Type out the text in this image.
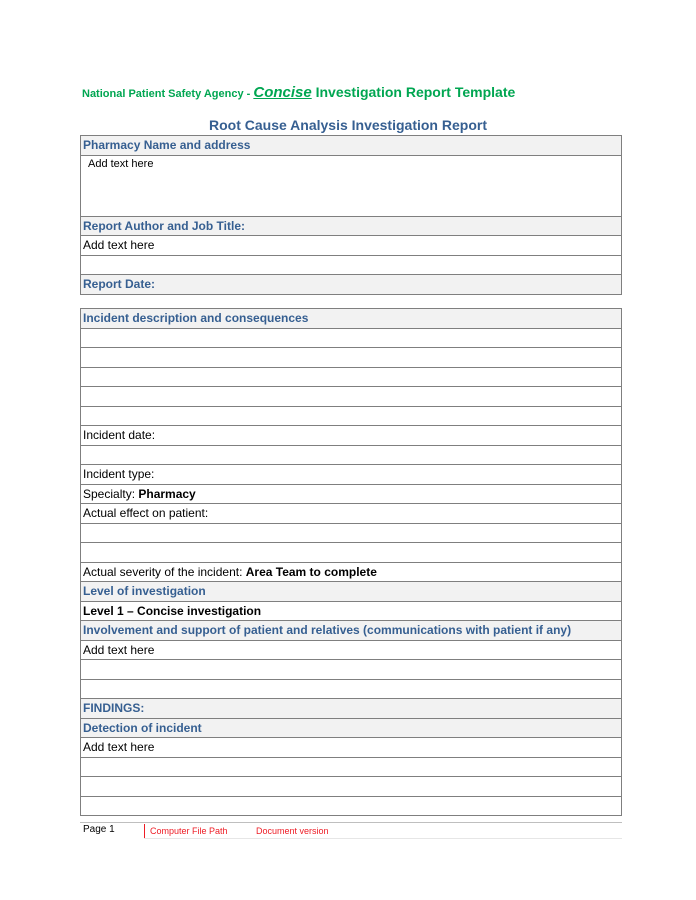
National Patient Safety Agency - Concise Investigation Report Template
Root Cause Analysis Investigation Report
Pharmacy Name and address
Add text here
Report Author and Job Title:
Add text here

Report Date:
Incident description and consequences

Incident date:

Incident type:
Specialty: Pharmacy
Actual effect on patient:

Actual severity of the incident: Area Team to complete
Level of investigation
Level 1 – Concise investigation
Involvement and support of patient and relatives (communications with patient if any)
Add text here

FINDINGS:
Detection of incident
Add text here

Page 1	Computer File Path	Document version
